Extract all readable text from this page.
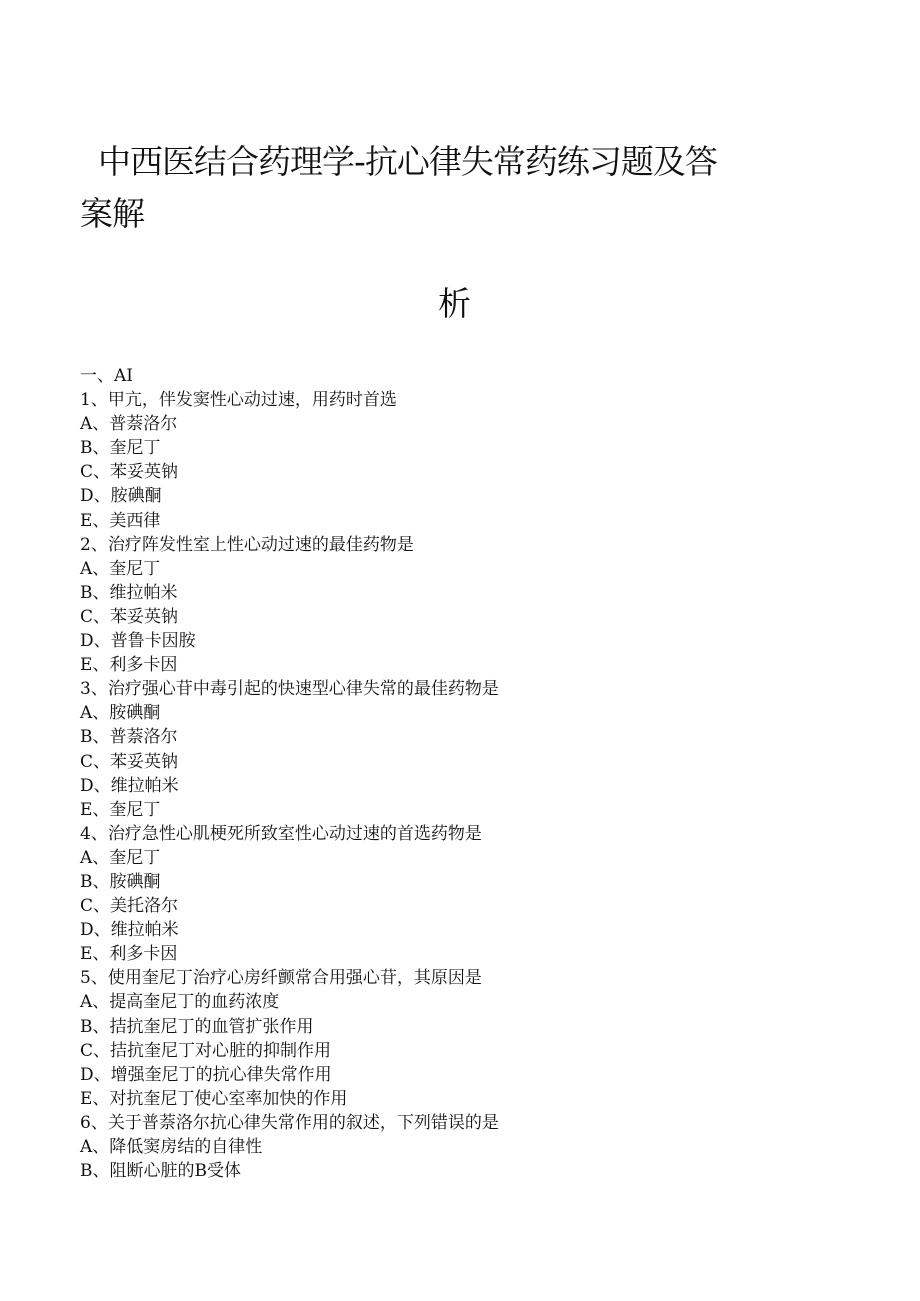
中西医结合药理学-抗心律失常药练习题及答
案解
析
一、AI
1、甲亢，伴发窦性心动过速，用药时首选
A、普萘洛尔
B、奎尼丁
C、苯妥英钠
D、胺碘酮
E、美西律
2、治疗阵发性室上性心动过速的最佳药物是
A、奎尼丁
B、维拉帕米
C、苯妥英钠
D、普鲁卡因胺
E、利多卡因
3、治疗强心苷中毒引起的快速型心律失常的最佳药物是
A、胺碘酮
B、普萘洛尔
C、苯妥英钠
D、维拉帕米
E、奎尼丁
4、治疗急性心肌梗死所致室性心动过速的首选药物是
A、奎尼丁
B、胺碘酮
C、美托洛尔
D、维拉帕米
E、利多卡因
5、使用奎尼丁治疗心房纤颤常合用强心苷，其原因是
A、提高奎尼丁的血药浓度
B、拮抗奎尼丁的血管扩张作用
C、拮抗奎尼丁对心脏的抑制作用
D、增强奎尼丁的抗心律失常作用
E、对抗奎尼丁使心室率加快的作用
6、关于普萘洛尔抗心律失常作用的叙述，下列错误的是
A、降低窦房结的自律性
B、阻断心脏的B受体
